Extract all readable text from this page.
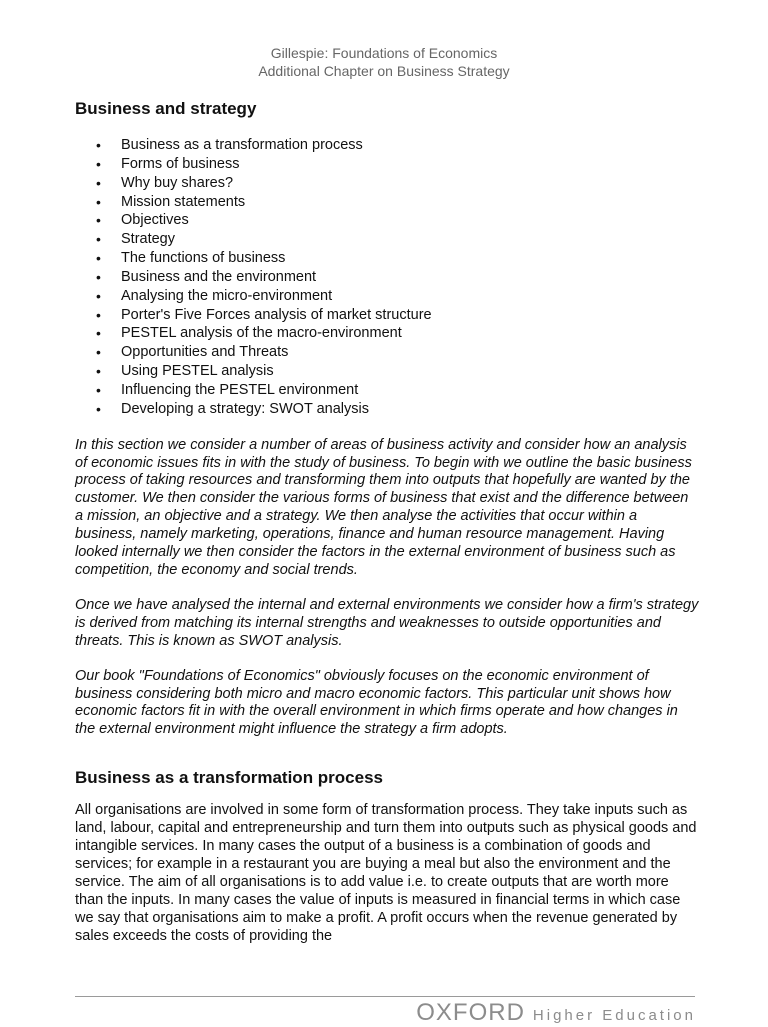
Gillespie: Foundations of Economics
Additional Chapter on Business Strategy
Business and strategy
• Business as a transformation process
• Forms of business
• Why buy shares?
• Mission statements
• Objectives
• Strategy
• The functions of business
• Business and the environment
• Analysing the micro-environment
• Porter's Five Forces analysis of market structure
• PESTEL analysis of the macro-environment
• Opportunities and Threats
• Using PESTEL analysis
• Influencing the PESTEL environment
• Developing a strategy: SWOT analysis

In this section we consider a number of areas of business activity and consider how an analysis of economic issues fits in with the study of business. To begin with we outline the basic business process of taking resources and transforming them into outputs that hopefully are wanted by the customer. We then consider the various forms of business that exist and the difference between a mission, an objective and a strategy. We then analyse the activities that occur within a business, namely marketing, operations, finance and human resource management. Having looked internally we then consider the factors in the external environment of business such as competition, the economy and social trends.

Once we have analysed the internal and external environments we consider how a firm's strategy is derived from matching its internal strengths and weaknesses to outside opportunities and threats. This is known as SWOT analysis.

Our book "Foundations of Economics" obviously focuses on the economic environment of business considering both micro and macro economic factors. This particular unit shows how economic factors fit in with the overall environment in which firms operate and how changes in the external environment might influence the strategy a firm adopts.

Business as a transformation process

All organisations are involved in some form of transformation process. They take inputs such as land, labour, capital and entrepreneurship and turn them into outputs such as physical goods and intangible services. In many cases the output of a business is a combination of goods and services; for example in a restaurant you are buying a meal but also the environment and the service. The aim of all organisations is to add value i.e. to create outputs that are worth more than the inputs. In many cases the value of inputs is measured in financial terms in which case we say that organisations aim to make a profit. A profit occurs when the revenue generated by sales exceeds the costs of providing the

OXFORD Higher Education
